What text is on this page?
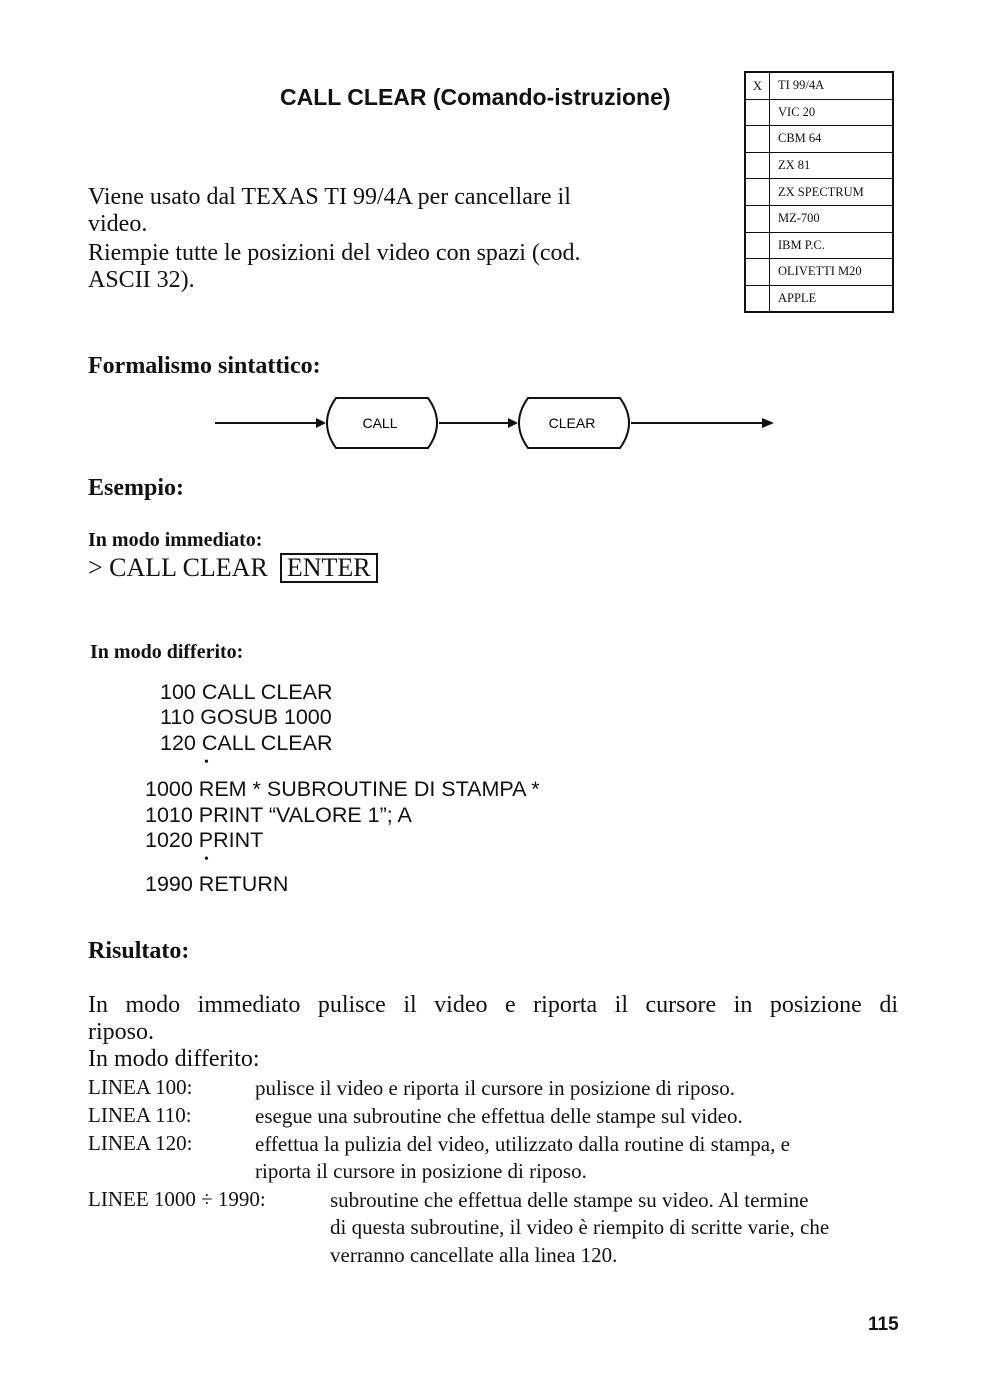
CALL CLEAR (Comando-istruzione)
Viene usato dal TEXAS TI 99/4A per cancellare il
video.
Riempie tutte le posizioni del video con spazi (cod.
ASCII 32).
X	TI 99/4A
	VIC 20
	CBM 64
	ZX 81
	ZX SPECTRUM
	MZ-700
	IBM P.C.
	OLIVETTI M20
	APPLE
Formalismo sintattico:
CALL	CLEAR
Esempio:
In modo immediato:
> CALL CLEAR ENTER
In modo differito:
100 CALL CLEAR
110 GOSUB 1000
120 CALL CLEAR
•
1000 REM * SUBROUTINE DI STAMPA *
1010 PRINT “VALORE 1”; A
1020 PRINT
•
1990 RETURN
Risultato:
In modo immediato pulisce il video e riporta il cursore in posizione di
riposo.
In modo differito:
LINEA 100:	pulisce il video e riporta il cursore in posizione di riposo.
LINEA 110:	esegue una subroutine che effettua delle stampe sul video.
LINEA 120:	effettua la pulizia del video, utilizzato dalla routine di stampa, e
riporta il cursore in posizione di riposo.
LINEE 1000 ÷ 1990:	subroutine che effettua delle stampe su video. Al termine
di questa subroutine, il video è riempito di scritte varie, che
verranno cancellate alla linea 120.
115
